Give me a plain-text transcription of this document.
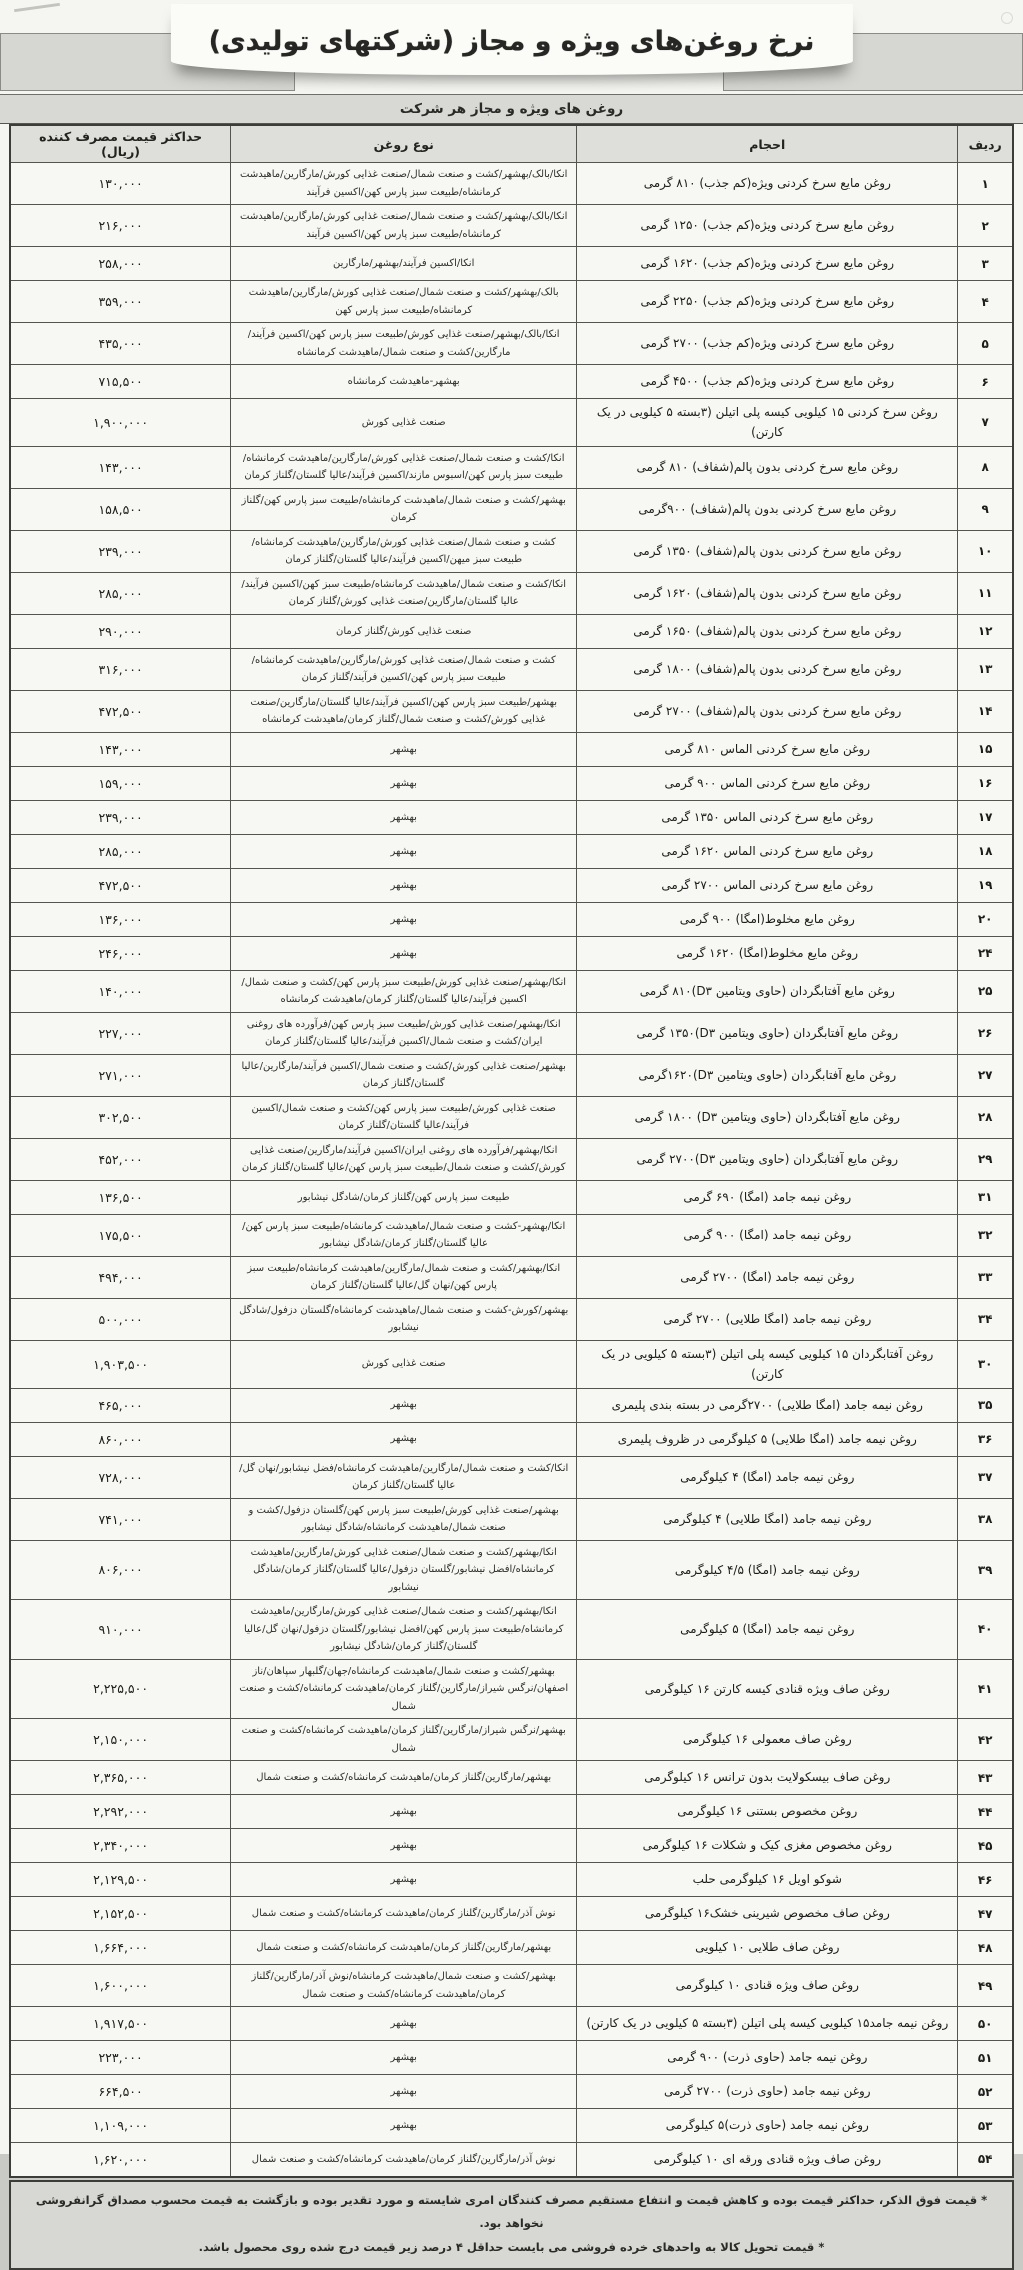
نرخ روغن‌های ویژه و مجاز (شرکتهای تولیدی)
روغن های ویژه و مجاز هر شرکت
ردیف	احجام	نوع روغن	حداکثر قیمت مصرف کننده (ریال)
۱	روغن مایع سرخ کردنی ویژه(کم جذب) ۸۱۰ گرمی	انکا/بالک/بهشهر/کشت و صنعت شمال/صنعت غذایی کورش/مارگارین/ماهیدشت کرمانشاه/طبیعت سبز پارس کهن/اکسین فرآیند	۱۳۰,۰۰۰
۲	روغن مایع سرخ کردنی ویژه(کم جذب) ۱۲۵۰ گرمی	انکا/بالک/بهشهر/کشت و صنعت شمال/صنعت غذایی کورش/مارگارین/ماهیدشت کرمانشاه/طبیعت سبز پارس کهن/اکسین فرآیند	۲۱۶,۰۰۰
۳	روغن مایع سرخ کردنی ویژه(کم جذب) ۱۶۲۰ گرمی	انکا/اکسین فرآیند/بهشهر/مارگارین	۲۵۸,۰۰۰
۴	روغن مایع سرخ کردنی ویژه(کم جذب) ۲۲۵۰ گرمی	بالک/بهشهر/کشت و صنعت شمال/صنعت غذایی کورش/مارگارین/ماهیدشت کرمانشاه/طبیعت سبز پارس کهن	۳۵۹,۰۰۰
۵	روغن مایع سرخ کردنی ویژه(کم جذب) ۲۷۰۰ گرمی	انکا/بالک/بهشهر/صنعت غذایی کورش/طبیعت سبز پارس کهن/اکسین فرآیند/مارگارین/کشت و صنعت شمال/ماهیدشت کرمانشاه	۴۳۵,۰۰۰
۶	روغن مایع سرخ کردنی ویژه(کم جذب) ۴۵۰۰ گرمی	بهشهر-ماهیدشت کرمانشاه	۷۱۵,۵۰۰
۷	روغن سرخ کردنی ۱۵ کیلویی کیسه پلی اتیلن (۳بسته ۵ کیلویی در یک کارتن)	صنعت غذایی کورش	۱,۹۰۰,۰۰۰
۸	روغن مایع سرخ کردنی بدون پالم(شفاف) ۸۱۰ گرمی	انکا/کشت و صنعت شمال/صنعت غذایی کورش/مارگارین/ماهیدشت کرمانشاه/طبیعت سبز پارس کهن/اسبوس مازند/اکسین فرآیند/عالیا گلستان/گلناز کرمان	۱۴۳,۰۰۰
۹	روغن مایع سرخ کردنی بدون پالم(شفاف) ۹۰۰گرمی	بهشهر/کشت و صنعت شمال/ماهیدشت کرمانشاه/طبیعت سبز پارس کهن/گلناز کرمان	۱۵۸,۵۰۰
۱۰	روغن مایع سرخ کردنی بدون پالم(شفاف) ۱۳۵۰ گرمی	کشت و صنعت شمال/صنعت غذایی کورش/مارگارین/ماهیدشت کرمانشاه/طبیعت سبز میهن/اکسین فرآیند/عالیا گلستان/گلناز کرمان	۲۳۹,۰۰۰
۱۱	روغن مایع سرخ کردنی بدون پالم(شفاف) ۱۶۲۰ گرمی	انکا/کشت و صنعت شمال/ماهیدشت کرمانشاه/طبیعت سبز کهن/اکسین فرآیند/عالیا گلستان/مارگارین/صنعت غذایی کورش/گلناز کرمان	۲۸۵,۰۰۰
۱۲	روغن مایع سرخ کردنی بدون پالم(شفاف) ۱۶۵۰ گرمی	صنعت غذایی کورش/گلناز کرمان	۲۹۰,۰۰۰
۱۳	روغن مایع سرخ کردنی بدون پالم(شفاف) ۱۸۰۰ گرمی	کشت و صنعت شمال/صنعت غذایی کورش/مارگارین/ماهیدشت کرمانشاه/طبیعت سبز پارس کهن/اکسین فرآیند/گلناز کرمان	۳۱۶,۰۰۰
۱۴	روغن مایع سرخ کردنی بدون پالم(شفاف) ۲۷۰۰ گرمی	بهشهر/طبیعت سبز پارس کهن/اکسین فرآیند/عالیا گلستان/مارگارین/صنعت غذایی کورش/کشت و صنعت شمال/گلناز کرمان/ماهیدشت کرمانشاه	۴۷۲,۵۰۰
۱۵	روغن مایع سرخ کردنی الماس ۸۱۰ گرمی	بهشهر	۱۴۳,۰۰۰
۱۶	روغن مایع سرخ کردنی الماس ۹۰۰ گرمی	بهشهر	۱۵۹,۰۰۰
۱۷	روغن مایع سرخ کردنی الماس ۱۳۵۰ گرمی	بهشهر	۲۳۹,۰۰۰
۱۸	روغن مایع سرخ کردنی الماس ۱۶۲۰ گرمی	بهشهر	۲۸۵,۰۰۰
۱۹	روغن مایع سرخ کردنی الماس ۲۷۰۰ گرمی	بهشهر	۴۷۲,۵۰۰
۲۰	روغن مایع مخلوط(امگا) ۹۰۰ گرمی	بهشهر	۱۳۶,۰۰۰
۲۴	روغن مایع مخلوط(امگا) ۱۶۲۰ گرمی	بهشهر	۲۴۶,۰۰۰
۲۵	روغن مایع آفتابگردان (حاوی ویتامین D۳)۸۱۰ گرمی	انکا/بهشهر/صنعت غذایی کورش/طبیعت سبز پارس کهن/کشت و صنعت شمال/اکسین فرآیند/عالیا گلستان/گلناز کرمان/ماهیدشت کرمانشاه	۱۴۰,۰۰۰
۲۶	روغن مایع آفتابگردان (حاوی ویتامین D۳)۱۳۵۰ گرمی	انکا/بهشهر/صنعت غذایی کورش/طبیعت سبز پارس کهن/فرآورده های روغنی ایران/کشت و صنعت شمال/اکسین فرآیند/عالیا گلستان/گلناز کرمان	۲۲۷,۰۰۰
۲۷	روغن مایع آفتابگردان (حاوی ویتامین D۳)۱۶۲۰گرمی	بهشهر/صنعت غذایی کورش/کشت و صنعت شمال/اکسین فرآیند/مارگارین/عالیا گلستان/گلناز کرمان	۲۷۱,۰۰۰
۲۸	روغن مایع آفتابگردان (حاوی ویتامین D۳) ۱۸۰۰ گرمی	صنعت غذایی کورش/طبیعت سبز پارس کهن/کشت و صنعت شمال/اکسین فرآیند/عالیا گلستان/گلناز کرمان	۳۰۲,۵۰۰
۲۹	روغن مایع آفتابگردان (حاوی ویتامین D۳)۲۷۰۰ گرمی	انکا/بهشهر/فرآورده های روغنی ایران/اکسین فرآیند/مارگارین/صنعت غذایی کورش/کشت و صنعت شمال/طبیعت سبز پارس کهن/عالیا گلستان/گلناز کرمان	۴۵۲,۰۰۰
۳۱	روغن نیمه جامد (امگا) ۶۹۰ گرمی	طبیعت سبز پارس کهن/گلناز کرمان/شادگل نیشابور	۱۳۶,۵۰۰
۳۲	روغن نیمه جامد (امگا) ۹۰۰ گرمی	انکا/بهشهر-کشت و صنعت شمال/ماهیدشت کرمانشاه/طبیعت سبز پارس کهن/عالیا گلستان/گلناز کرمان/شادگل نیشابور	۱۷۵,۵۰۰
۳۳	روغن نیمه جامد (امگا) ۲۷۰۰ گرمی	انکا/بهشهر/کشت و صنعت شمال/مارگارین/ماهیدشت کرمانشاه/طبیعت سبز پارس کهن/نهان گل/عالیا گلستان/گلناز کرمان	۴۹۴,۰۰۰
۳۴	روغن نیمه جامد (امگا طلایی) ۲۷۰۰ گرمی	بهشهر/کورش-کشت و صنعت شمال/ماهیدشت کرمانشاه/گلستان دزفول/شادگل نیشابور	۵۰۰,۰۰۰
۳۰	روغن آفتابگردان ۱۵ کیلویی کیسه پلی اتیلن (۳بسته ۵ کیلویی در یک کارتن)	صنعت غذایی کورش	۱,۹۰۳,۵۰۰
۳۵	روغن نیمه جامد (امگا طلایی) ۲۷۰۰گرمی در بسته بندی پلیمری	بهشهر	۴۶۵,۰۰۰
۳۶	روغن نیمه جامد (امگا طلایی) ۵ کیلوگرمی در ظروف پلیمری	بهشهر	۸۶۰,۰۰۰
۳۷	روغن نیمه جامد (امگا) ۴ کیلوگرمی	انکا/کشت و صنعت شمال/مارگارین/ماهیدشت کرمانشاه/فضل نیشابور/نهان گل/عالیا گلستان/گلناز کرمان	۷۲۸,۰۰۰
۳۸	روغن نیمه جامد (امگا طلایی) ۴ کیلوگرمی	بهشهر/صنعت غذایی کورش/طبیعت سبز پارس کهن/گلستان دزفول/کشت و صنعت شمال/ماهیدشت کرمانشاه/شادگل نیشابور	۷۴۱,۰۰۰
۳۹	روغن نیمه جامد (امگا) ۴/۵ کیلوگرمی	انکا/بهشهر/کشت و صنعت شمال/صنعت غذایی کورش/مارگارین/ماهیدشت کرمانشاه/افضل نیشابور/گلستان دزفول/عالیا گلستان/گلناز کرمان/شادگل نیشابور	۸۰۶,۰۰۰
۴۰	روغن نیمه جامد (امگا) ۵ کیلوگرمی	انکا/بهشهر/کشت و صنعت شمال/صنعت غذایی کورش/مارگارین/ماهیدشت کرمانشاه/طبیعت سبز پارس کهن/افضل نیشابور/گلستان دزفول/نهان گل/عالیا گلستان/گلناز کرمان/شادگل نیشابور	۹۱۰,۰۰۰
۴۱	روغن صاف ویژه قنادی کیسه کارتن ۱۶ کیلوگرمی	بهشهر/کشت و صنعت شمال/ماهیدشت کرمانشاه/جهان/گلبهار سپاهان/ناز اصفهان/نرگس شیراز/مارگارین/گلناز کرمان/ماهیدشت کرمانشاه/کشت و صنعت شمال	۲,۲۲۵,۵۰۰
۴۲	روغن صاف معمولی ۱۶ کیلوگرمی	بهشهر/نرگس شیراز/مارگارین/گلناز کرمان/ماهیدشت کرمانشاه/کشت و صنعت شمال	۲,۱۵۰,۰۰۰
۴۳	روغن صاف بیسکولایت بدون ترانس ۱۶ کیلوگرمی	بهشهر/مارگارین/گلناز کرمان/ماهیدشت کرمانشاه/کشت و صنعت شمال	۲,۳۶۵,۰۰۰
۴۴	روغن مخصوص بستنی ۱۶ کیلوگرمی	بهشهر	۲,۲۹۲,۰۰۰
۴۵	روغن مخصوص مغزی کیک و شکلات ۱۶ کیلوگرمی	بهشهر	۲,۳۴۰,۰۰۰
۴۶	شوکو اویل ۱۶ کیلوگرمی حلب	بهشهر	۲,۱۲۹,۵۰۰
۴۷	روغن صاف مخصوص شیرینی خشک۱۶ کیلوگرمی	نوش آذر/مارگارین/گلناز کرمان/ماهیدشت کرمانشاه/کشت و صنعت شمال	۲,۱۵۲,۵۰۰
۴۸	روغن صاف طلایی ۱۰ کیلویی	بهشهر/مارگارین/گلناز کرمان/ماهیدشت کرمانشاه/کشت و صنعت شمال	۱,۶۶۴,۰۰۰
۴۹	روغن صاف ویژه قنادی ۱۰ کیلوگرمی	بهشهر/کشت و صنعت شمال/ماهیدشت کرمانشاه/نوش آذر/مارگارین/گلناز کرمان/ماهیدشت کرمانشاه/کشت و صنعت شمال	۱,۶۰۰,۰۰۰
۵۰	روغن نیمه جامد۱۵ کیلویی کیسه پلی اتیلن (۳بسته ۵ کیلویی در یک کارتن)	بهشهر	۱,۹۱۷,۵۰۰
۵۱	روغن نیمه جامد (حاوی ذرت) ۹۰۰ گرمی	بهشهر	۲۲۳,۰۰۰
۵۲	روغن نیمه جامد (حاوی ذرت) ۲۷۰۰ گرمی	بهشهر	۶۶۴,۵۰۰
۵۳	روغن نیمه جامد (حاوی ذرت)۵ کیلوگرمی	بهشهر	۱,۱۰۹,۰۰۰
۵۴	روغن صاف ویژه قنادی ورقه ای ۱۰ کیلوگرمی	نوش آذر/مارگارین/گلناز کرمان/ماهیدشت کرمانشاه/کشت و صنعت شمال	۱,۶۲۰,۰۰۰
* قیمت فوق الذکر، حداکثر قیمت بوده و کاهش قیمت و انتفاع مستقیم مصرف کنندگان امری شایسته و مورد تقدیر بوده و بازگشت به قیمت محسوب مصداق گرانفروشی نخواهد بود.
* قیمت تحویل کالا به واحدهای خرده فروشی می بایست حداقل ۴ درصد زیر قیمت درج شده روی محصول باشد.
